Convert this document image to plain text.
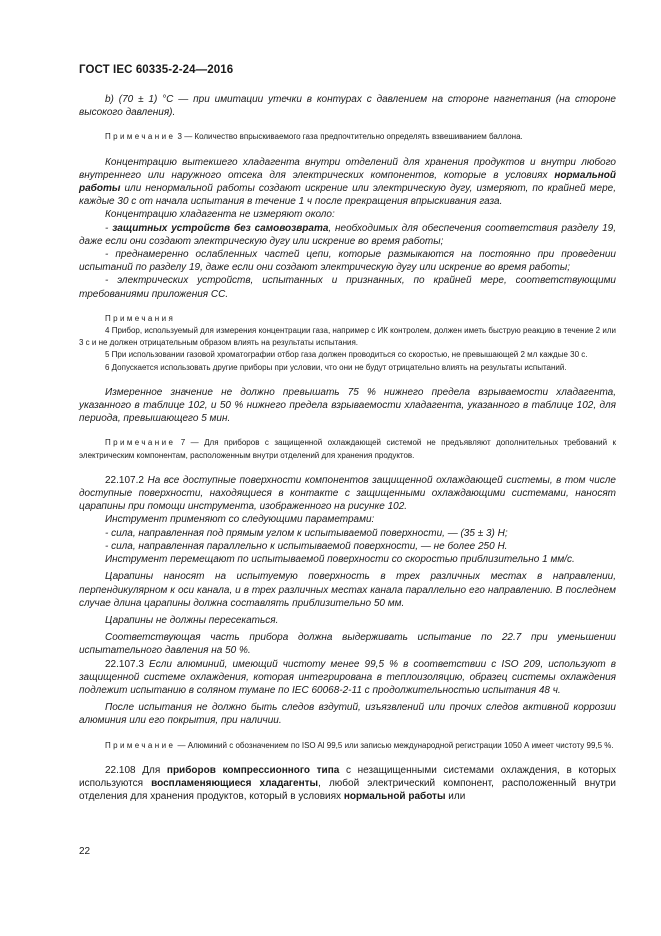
ГОСТ IEC 60335-2-24—2016

b) (70 ± 1) °С — при имитации утечки в контурах с давлением на стороне нагнетания (на стороне высокого давления).

Примечание 3 — Количество впрыскиваемого газа предпочтительно определять взвешиванием баллона.

Концентрацию вытекшего хладагента внутри отделений для хранения продуктов и внутри любого внутреннего или наружного отсека для электрических компонентов, которые в условиях нормальной работы или ненормальной работы создают искрение или электрическую дугу, измеряют, по крайней мере, каждые 30 с от начала испытания в течение 1 ч после прекращения впрыскивания газа.

Концентрацию хладагента не измеряют около:

- защитных устройств без самовозврата, необходимых для обеспечения соответствия разделу 19, даже если они создают электрическую дугу или искрение во время работы;

- преднамеренно ослабленных частей цепи, которые размыкаются на постоянно при проведении испытаний по разделу 19, даже если они создают электрическую дугу или искрение во время работы;

- электрических устройств, испытанных и признанных, по крайней мере, соответствующими требованиями приложения СС.

Примечания

4 Прибор, используемый для измерения концентрации газа, например с ИК контролем, должен иметь быструю реакцию в течение 2 или 3 с и не должен отрицательным образом влиять на результаты испытания.

5 При использовании газовой хроматографии отбор газа должен проводиться со скоростью, не превышающей 2 мл каждые 30 с.

6 Допускается использовать другие приборы при условии, что они не будут отрицательно влиять на результаты испытаний.

Измеренное значение не должно превышать 75 % нижнего предела взрываемости хладагента, указанного в таблице 102, и 50 % нижнего предела взрываемости хладагента, указанного в таблице 102, для периода, превышающего 5 мин.

Примечание 7 — Для приборов с защищенной охлаждающей системой не предъявляют дополнительных требований к электрическим компонентам, расположенным внутри отделений для хранения продуктов.

22.107.2 На все доступные поверхности компонентов защищенной охлаждающей системы, в том числе доступные поверхности, находящиеся в контакте с защищенными охлаждающими системами, наносят царапины при помощи инструмента, изображенного на рисунке 102.

Инструмент применяют со следующими параметрами:

- сила, направленная под прямым углом к испытываемой поверхности, — (35 ± 3) Н;

- сила, направленная параллельно к испытываемой поверхности, — не более 250 Н.

Инструмент перемещают по испытываемой поверхности со скоростью приблизительно 1 мм/с.

Царапины наносят на испытуемую поверхность в трех различных местах в направлении, перпендикулярном к оси канала, и в трех различных местах канала параллельно его направлению. В последнем случае длина царапины должна составлять приблизительно 50 мм.

Царапины не должны пересекаться.

Соответствующая часть прибора должна выдерживать испытание по 22.7 при уменьшении испытательного давления на 50 %.

22.107.3 Если алюминий, имеющий чистоту менее 99,5 % в соответствии с ISO 209, используют в защищенной системе охлаждения, которая интегрирована в теплоизоляцию, образец системы охлаждения подлежит испытанию в соляном тумане по IEC 60068-2-11 с продолжительностью испытания 48 ч.

После испытания не должно быть следов вздутий, изъязвлений или прочих следов активной коррозии алюминия или его покрытия, при наличии.

Примечание — Алюминий с обозначением по ISO Al 99,5 или записью международной регистрации 1050 А имеет чистоту 99,5 %.

22.108 Для приборов компрессионного типа с незащищенными системами охлаждения, в которых используются воспламеняющиеся хладагенты, любой электрический компонент, расположенный внутри отделения для хранения продуктов, который в условиях нормальной работы или

22
